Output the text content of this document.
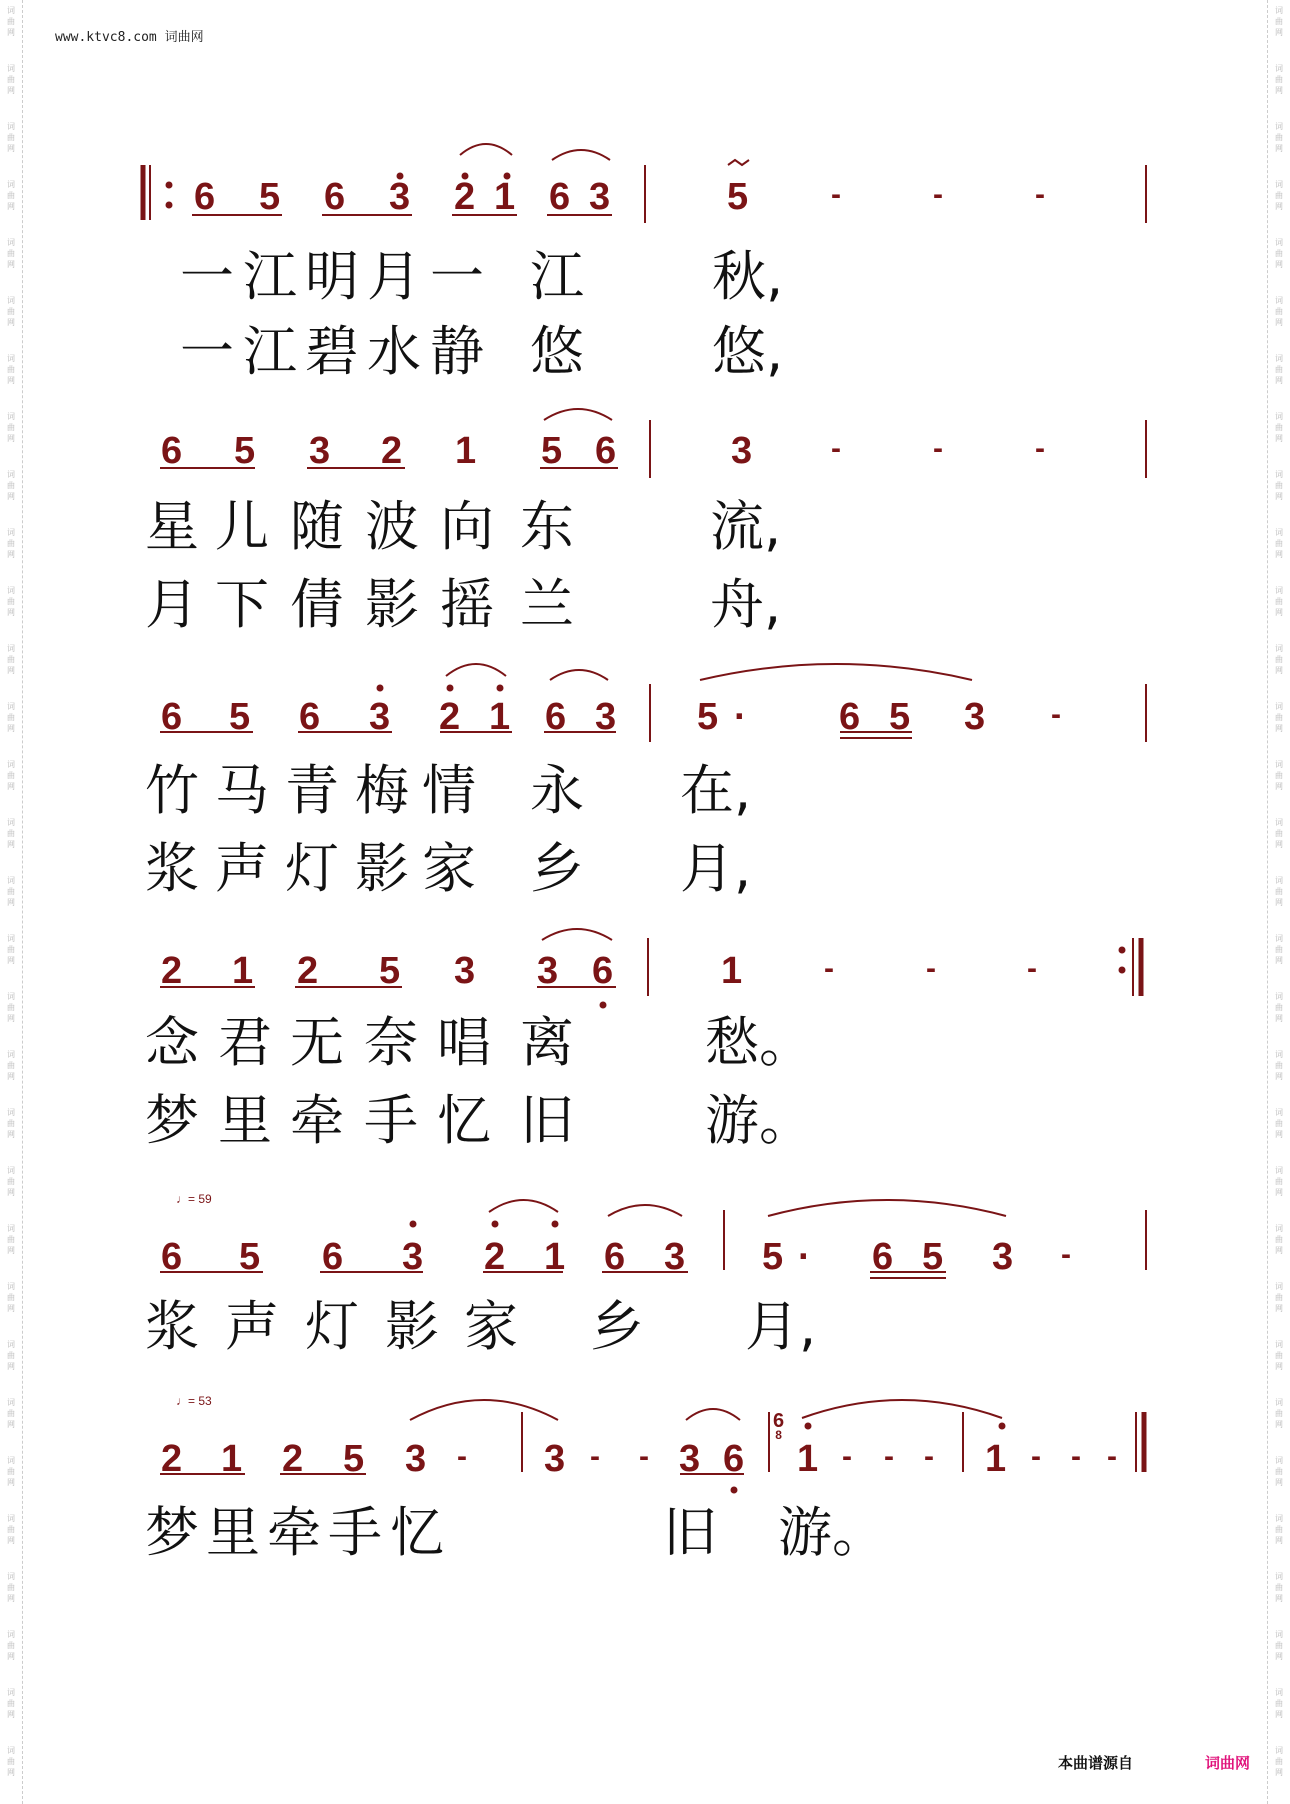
词
曲
网
词
曲
网
词
曲
网
词
曲
网
词
曲
网
词
曲
网
词
曲
网
词
曲
网
词
曲
网
词
曲
网
词
曲
网
词
曲
网
词
曲
网
词
曲
网
词
曲
网
词
曲
网
词
曲
网
词
曲
网
词
曲
网
词
曲
网
词
曲
网
词
曲
网
词
曲
网
词
曲
网
词
曲
网
词
曲
网
词
曲
网
词
曲
网
词
曲
网
词
曲
网
词
曲
网
词
曲
网
词
曲
网
词
曲
网
词
曲
网
词
曲
网
词
曲
网
词
曲
网
词
曲
网
词
曲
网
词
曲
网
词
曲
网
词
曲
网
词
曲
网
词
曲
网
词
曲
网
词
曲
网
词
曲
网
词
曲
网
词
曲
网
词
曲
网
词
曲
网
词
曲
网
词
曲
网
词
曲
网
词
曲
网
词
曲
网
词
曲
网
词
曲
网
词
曲
网
词
曲
网
词
曲
网
www.ktvc8.com 词曲网
6 5 6 3 2 1 6 3	5	-	-	-
6 5 3 2 1 5 6	3	-	-	-
6 5 6 3 2 1 6 3 5 · 6 5 3 -
2 1 2 5 3 3 6	1	-	-	-
6 5 6 3 2 1 6 3 5 · 6 5 3 -
2 1 2 5 3 - 3 - - 3 6 1 - - - 1 - - -
一 江 明 月 一 江 秋,
一 江 碧 水 静 悠 悠,
星 儿 随 波 向 东	流,
月 下 倩 影 摇 兰	舟,
竹 马 青 梅 情 永 在,
浆 声 灯 影 家 乡 月,
念 君 无 奈 唱 离 愁。
梦 里 牵 手 忆 旧 游。
浆 声 灯 影 家 乡 月,
梦 里 牵 手 忆	旧 游。
♩= 59
♩= 53
6
8
本曲谱源自	词曲网
